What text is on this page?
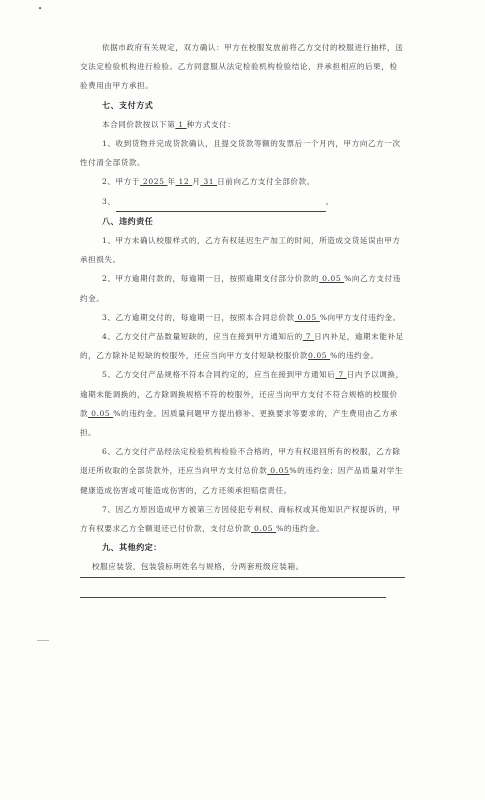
•

依据市政府有关规定，双方确认：甲方在校服发放前将乙方交付的校服进行抽样，送交法定检验机构进行检验。乙方同意服从法定检验机构检验结论，并承担相应的后果，检验费用由甲方承担。

七、支付方式

本合同价款按以下第 1 种方式支付：

1、收到货物并完成货款确认，且提交货款等额的发票后一个月内，甲方向乙方一次性付清全部货款。

2、甲方于 2025 年 12 月 31 日前向乙方支付全部价款。

3、	。

八、违约责任

1、甲方未确认校服样式的，乙方有权延迟生产加工的时间，所造成交货延误由甲方承担损失。

2、甲方逾期付款的，每逾期一日，按照逾期支付部分价款的 0.05 %向乙方支付违约金。

3、乙方逾期交付的，每逾期一日，按照本合同总价款 0.05 %向甲方支付违约金。

4、乙方交付产品数量短缺的，应当在接到甲方通知后的 7 日内补足，逾期未能补足的，乙方除补足短缺的校服外，还应当向甲方支付短缺校服价款0.05 %的违约金。

5、乙方交付产品规格不符本合同约定的，应当在接到甲方通知后 7 日内予以调换，逾期未能调换的，乙方除调换规格不符的校服外，还应当向甲方支付不符合规格的校服价款 0.05 %的违约金。因质量问题甲方提出修补、更换要求等要求的，产生费用由乙方承担。

6、乙方交付产品经法定检验机构检验不合格的，甲方有权退回所有的校服，乙方除退还所收取的全部货款外，还应当向甲方支付总价款 0.05%的违约金；因产品质量对学生健康造成伤害或可能造成伤害的，乙方还须承担赔偿责任。

7、因乙方原因造成甲方被第三方因侵犯专利权、商标权或其他知识产权提诉的，甲方有权要求乙方全额退还已付价款，支付总价款 0.05 %的违约金。

九、其他约定：

校服应装袋，包装袋标明姓名与规格，分两套班级应装箱。
